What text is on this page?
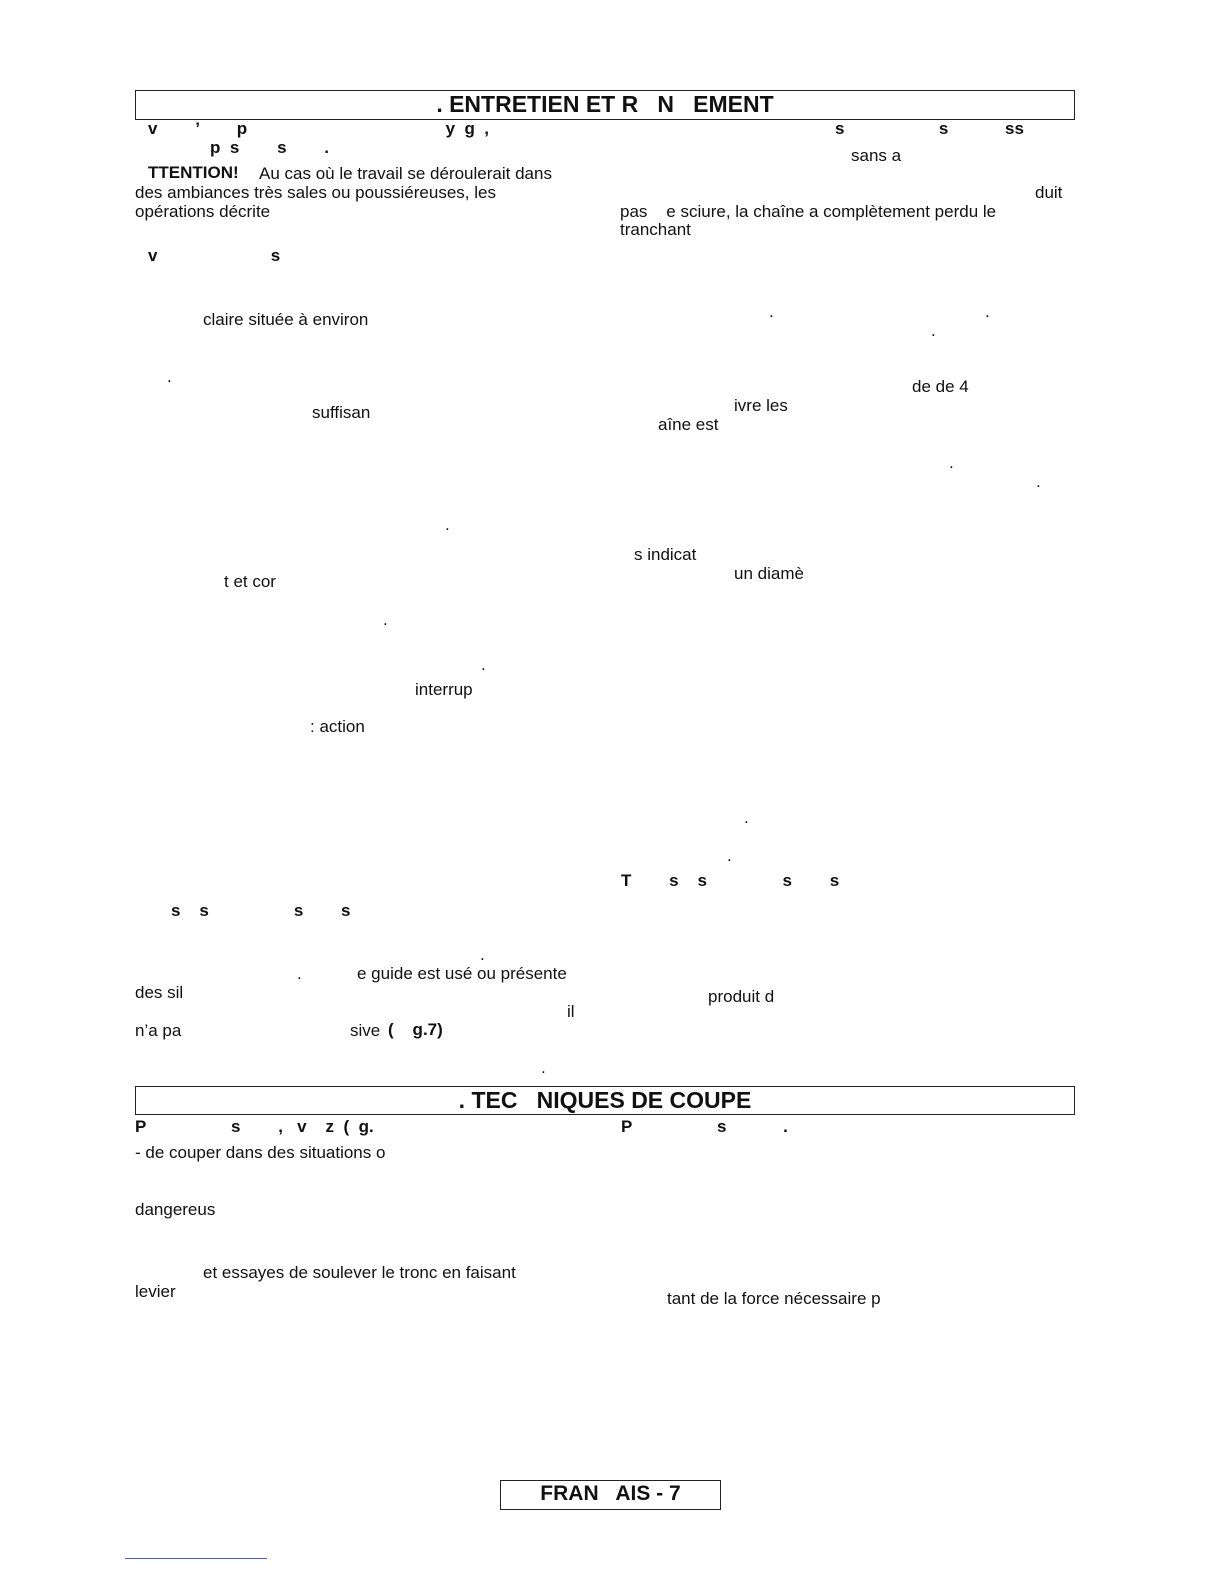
. ENTRETIEN ET R   N   EMENT
v        ’        p                                          y  g  ,
p  s        s        .
TTENTION! Au cas où le travail se déroulerait dans
des ambiances très sales ou poussiéreuses, les
opérations décrite
v                        s
claire située à environ
.
suffisan
.
t et cor
.
.
interrup
: action
s    s                  s        s
.
.	e guide est usé ou présente
des sil
il
n’a pa	sive (    g.7)
.
s                    s            ss
sans a
duit
pas    e sciure, la chaîne a complètement perdu le
tranchant
.	.
.
de de 4
ivre les
aîne est
.
.
s indicat
un diamè
.
.
T        s    s                s        s
produit d
. TEC   NIQUES DE COUPE
P                  s        ,   v    z  (  g.
- de couper dans des situations o
dangereus
et essayes de soulever le tronc en faisant
levier
P                  s            .
tant de la force nécessaire p
FRAN   AIS - 7
